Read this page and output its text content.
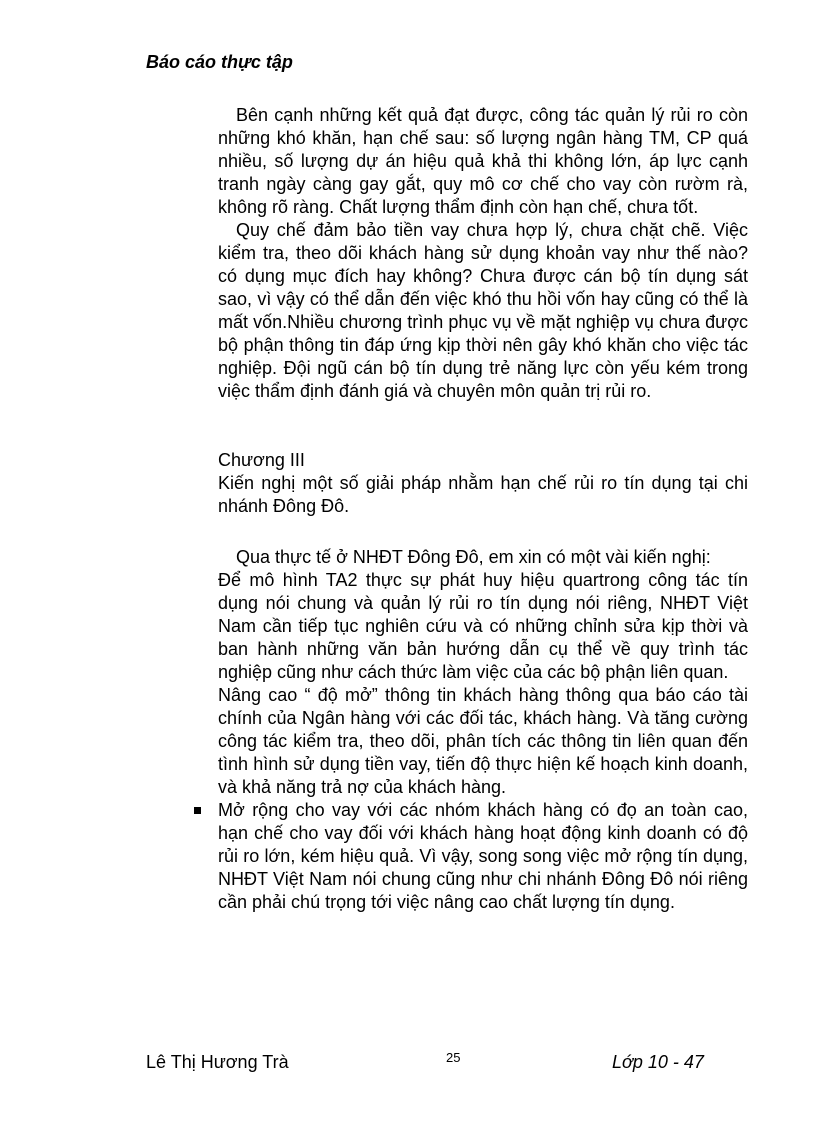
Báo cáo thực tập

Bên cạnh những kết quả đạt được, công tác quản lý rủi ro còn những khó khăn, hạn chế sau: số lượng ngân hàng TM, CP quá nhiều, số lượng dự án hiệu quả khả thi không lớn, áp lực cạnh tranh ngày càng gay gắt, quy mô cơ chế cho vay còn rườm rà, không rõ ràng. Chất lượng thẩm định còn hạn chế, chưa tốt.

Quy chế đảm bảo tiền vay chưa hợp lý, chưa chặt chẽ. Việc kiểm tra, theo dõi khách hàng sử dụng khoản vay như thế nào? có dụng mục đích hay không? Chưa được cán bộ tín dụng sát sao, vì vậy có thể dẫn đến việc khó thu hồi vốn hay cũng có thể là mất vốn.Nhiều chương trình phục vụ về mặt nghiệp vụ chưa được bộ phận thông tin đáp ứng kịp thời nên gây khó khăn cho việc tác nghiệp. Đội ngũ cán bộ tín dụng trẻ năng lực còn yếu kém trong việc thẩm định đánh giá và chuyên môn quản trị rủi ro.

Chương III

Kiến nghị một số giải pháp nhằm hạn chế rủi ro tín dụng tại chi nhánh Đông Đô.

Qua thực tế ở NHĐT Đông Đô, em xin có một vài kiến nghị:

Để mô hình TA2 thực sự phát huy hiệu quartrong công tác tín dụng nói chung và quản lý rủi ro tín dụng nói riêng, NHĐT Việt Nam cần tiếp tục nghiên cứu và có những chỉnh sửa kịp thời và ban hành những văn bản hướng dẫn cụ thể về quy trình tác nghiệp cũng như cách thức làm việc của các bộ phận liên quan.

Nâng cao “ độ mở” thông tin khách hàng thông qua báo cáo tài chính của Ngân hàng với các đối tác, khách hàng. Và tăng cường công tác kiểm tra, theo dõi, phân tích các thông tin liên quan đến tình hình sử dụng tiền vay, tiến độ thực hiện kế hoạch kinh doanh, và khả năng trả nợ của khách hàng.

Mở rộng cho vay với các nhóm khách hàng có đọ an toàn cao, hạn chế cho vay đối với khách hàng hoạt động kinh doanh có độ rủi ro lớn, kém hiệu quả. Vì vậy, song song việc mở rộng tín dụng, NHĐT Việt Nam nói chung cũng như chi nhánh Đông Đô nói riêng cần phải chú trọng tới việc nâng cao chất lượng tín dụng.

Lê Thị Hương Trà	25	Lớp 10 - 47
